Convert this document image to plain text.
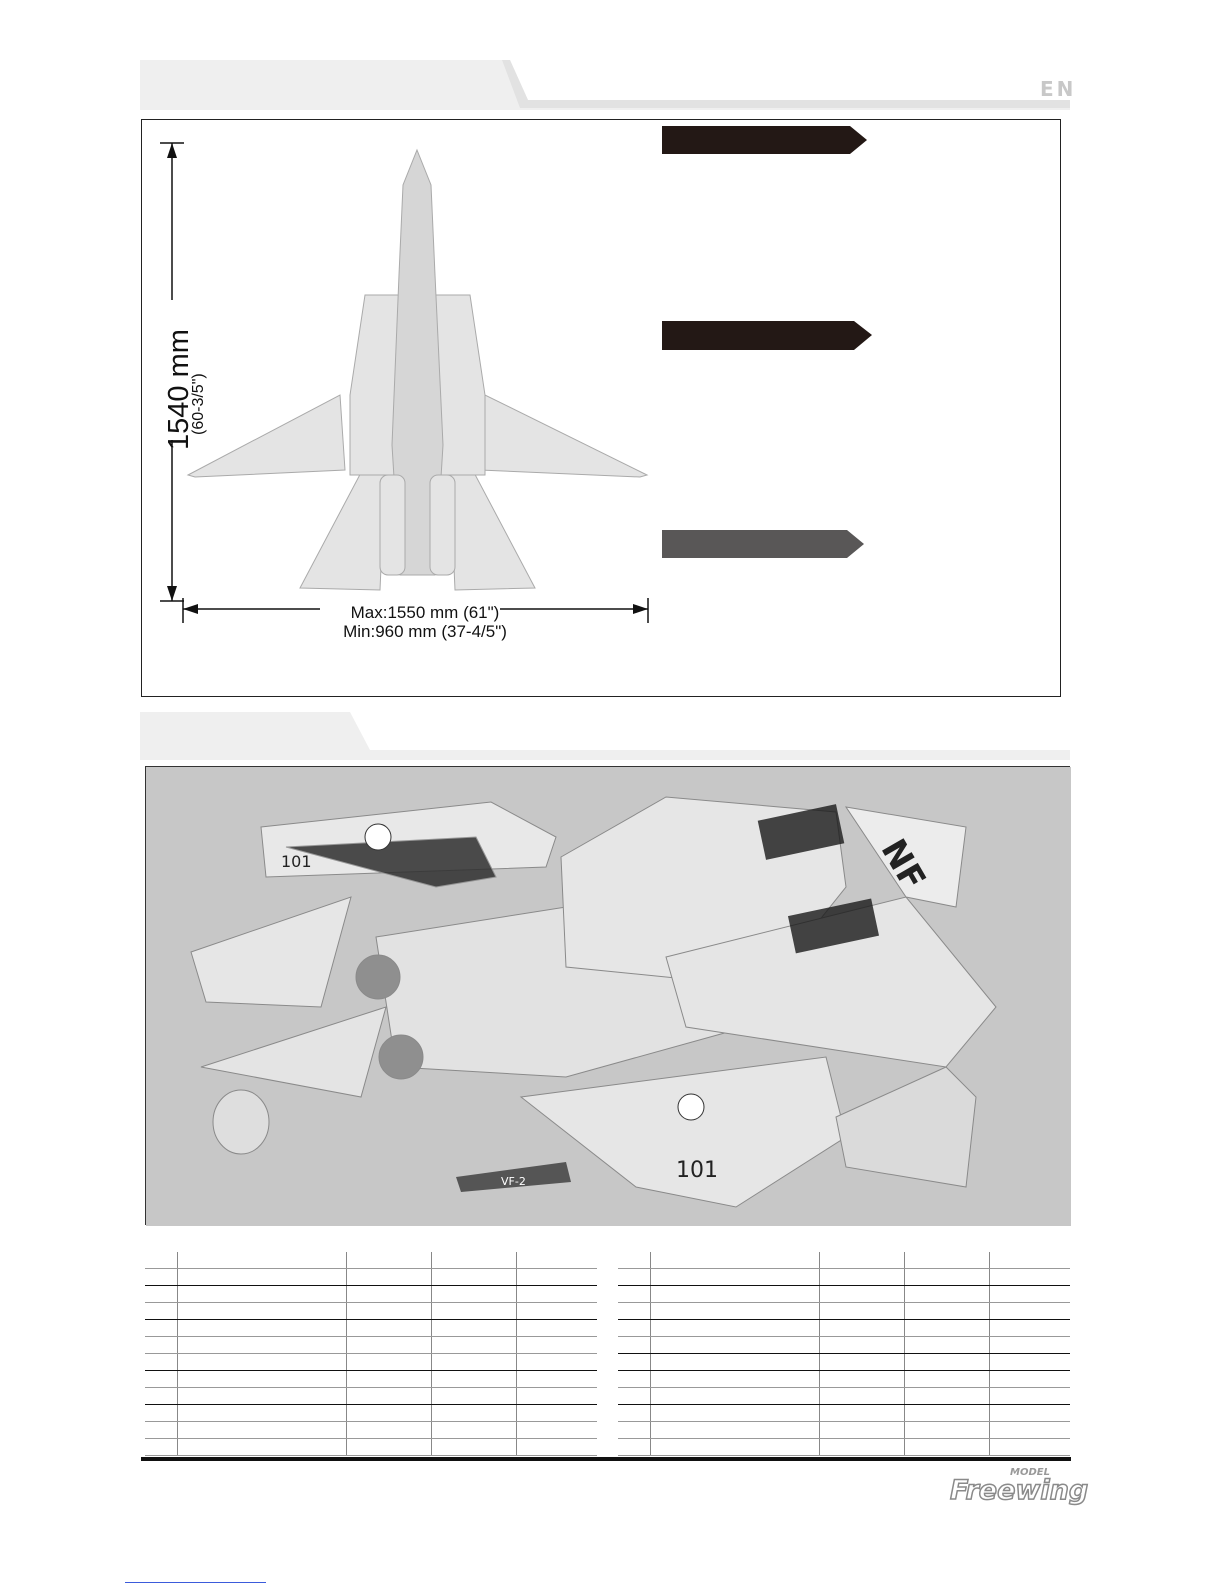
EN
1540 mm
(60-3/5")
Max:1550 mm (61")
Min:960 mm (37-4/5")
NF
101
101
VF-2

MODEL
Freewing
